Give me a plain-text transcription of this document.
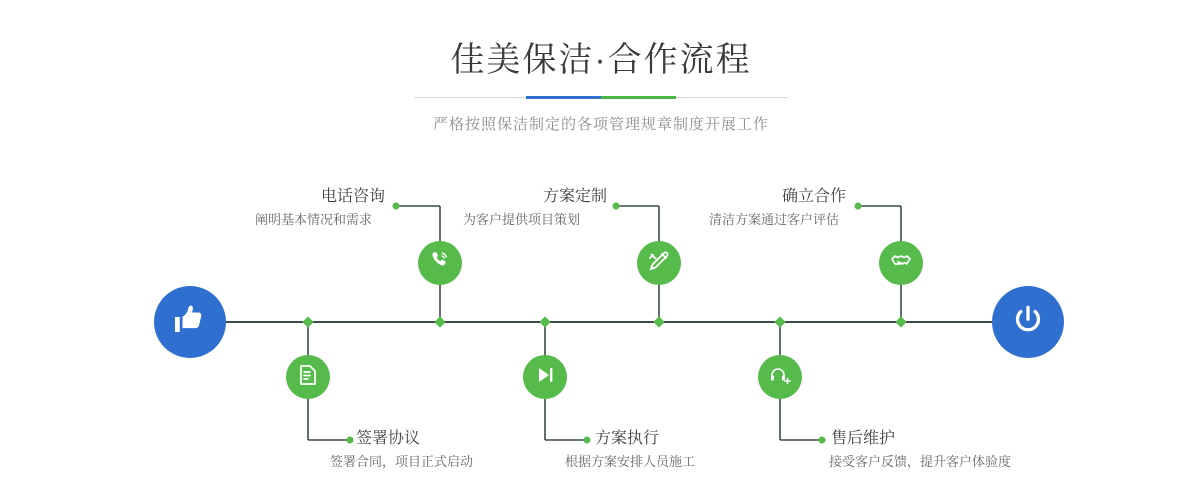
佳美保洁·合作流程
严格按照保洁制定的各项管理规章制度开展工作
电话咨询
阐明基本情况和需求
方案定制
为客户提供项目策划
确立合作
清洁方案通过客户评估
签署协议
签署合同，项目正式启动
方案执行
根据方案安排人员施工
售后维护
接受客户反馈，提升客户体验度
